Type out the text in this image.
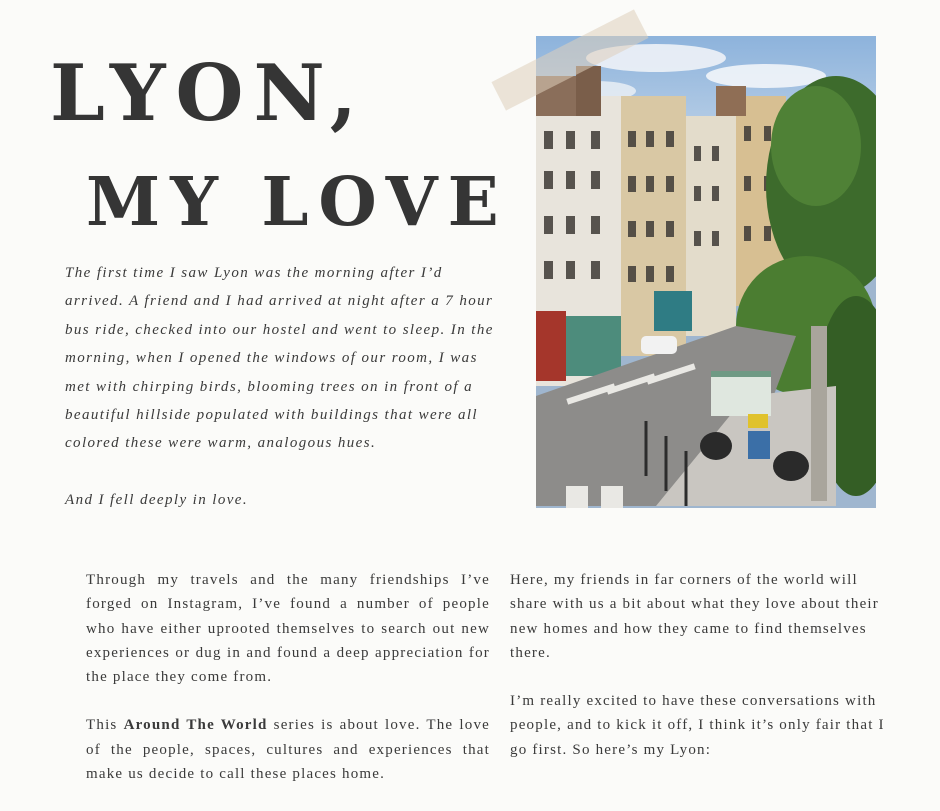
LYON,
MY LOVE

The first time I saw Lyon was the morning after I’d arrived. A friend and I had arrived at night after a 7 hour bus ride, checked into our hostel and went to sleep. In the morning, when I opened the windows of our room, I was met with chirping birds, blooming trees on in front of a beautiful hillside populated with buildings that were all colored these were warm, analogous hues.

And I fell deeply in love.

Through my travels and the many friendships I’ve forged on Instagram, I’ve found a number of people who have either uprooted themselves to search out new experiences or dug in and found a deep appreciation for the place they come from.

This Around The World series is about love. The love of the people, spaces, cultures and experiences that make us decide to call these places home.

Here, my friends in far corners of the world will share with us a bit about what they love about their new homes and how they came to find themselves there.

I’m really excited to have these conversations with people, and to kick it off, I think it’s only fair that I go first. So here’s my Lyon:
